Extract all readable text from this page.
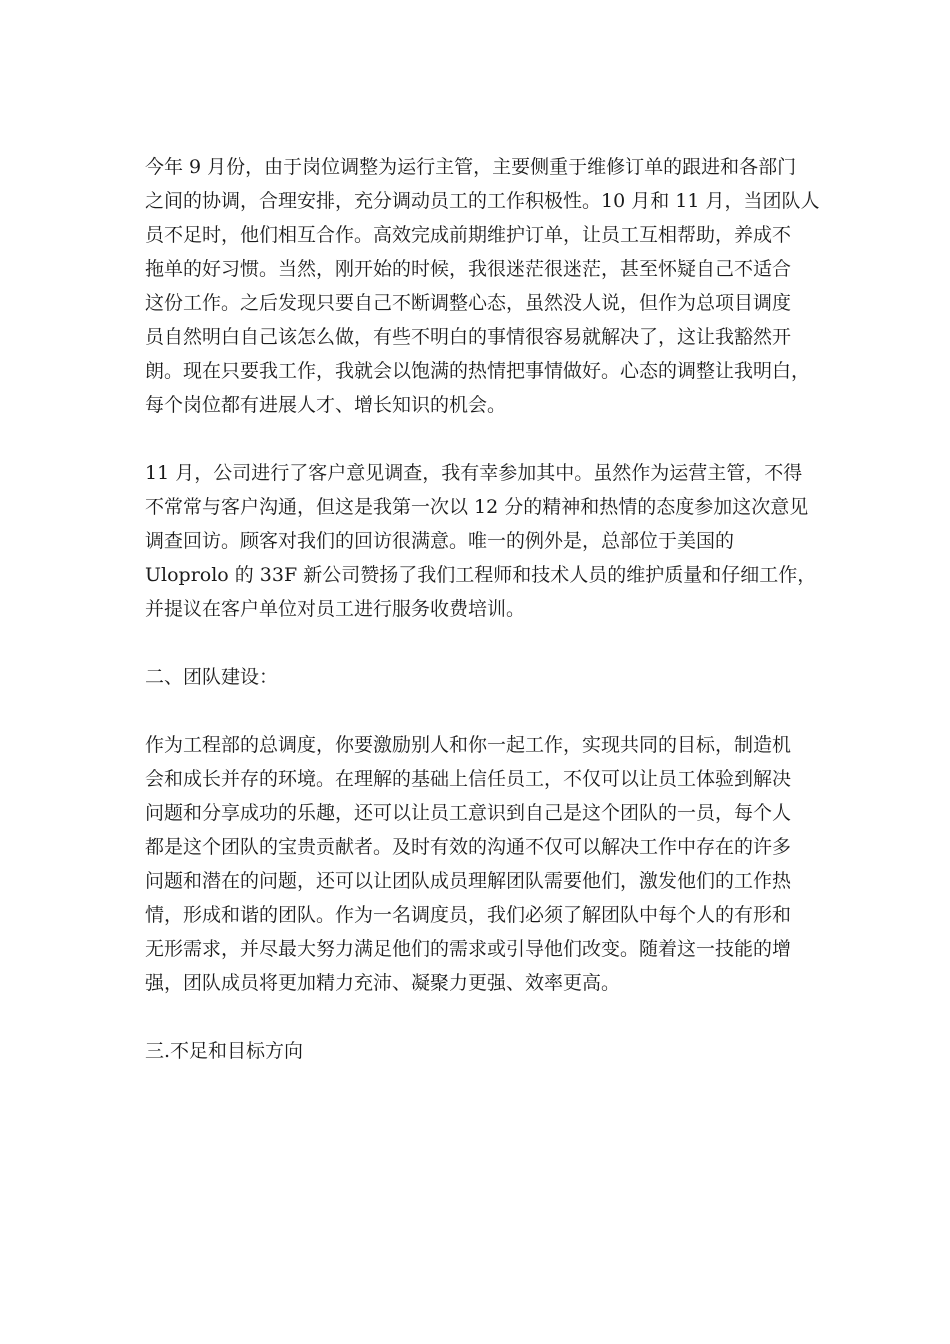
今年 9 月份，由于岗位调整为运行主管，主要侧重于维修订单的跟进和各部门
之间的协调，合理安排，充分调动员工的工作积极性。10 月和 11 月，当团队人
员不足时，他们相互合作。高效完成前期维护订单，让员工互相帮助，养成不
拖单的好习惯。当然，刚开始的时候，我很迷茫很迷茫，甚至怀疑自己不适合
这份工作。之后发现只要自己不断调整心态，虽然没人说，但作为总项目调度
员自然明白自己该怎么做，有些不明白的事情很容易就解决了，这让我豁然开
朗。现在只要我工作，我就会以饱满的热情把事情做好。心态的调整让我明白，
每个岗位都有进展人才、增长知识的机会。
11 月，公司进行了客户意见调查，我有幸参加其中。虽然作为运营主管，不得
不常常与客户沟通，但这是我第一次以 12 分的精神和热情的态度参加这次意见
调查回访。顾客对我们的回访很满意。唯一的例外是，总部位于美国的
Uloprolo 的 33F 新公司赞扬了我们工程师和技术人员的维护质量和仔细工作，
并提议在客户单位对员工进行服务收费培训。
二、团队建设：
作为工程部的总调度，你要激励别人和你一起工作，实现共同的目标，制造机
会和成长并存的环境。在理解的基础上信任员工，不仅可以让员工体验到解决
问题和分享成功的乐趣，还可以让员工意识到自己是这个团队的一员，每个人
都是这个团队的宝贵贡献者。及时有效的沟通不仅可以解决工作中存在的许多
问题和潜在的问题，还可以让团队成员理解团队需要他们，激发他们的工作热
情，形成和谐的团队。作为一名调度员，我们必须了解团队中每个人的有形和
无形需求，并尽最大努力满足他们的需求或引导他们改变。随着这一技能的增
强，团队成员将更加精力充沛、凝聚力更强、效率更高。
三.不足和目标方向
